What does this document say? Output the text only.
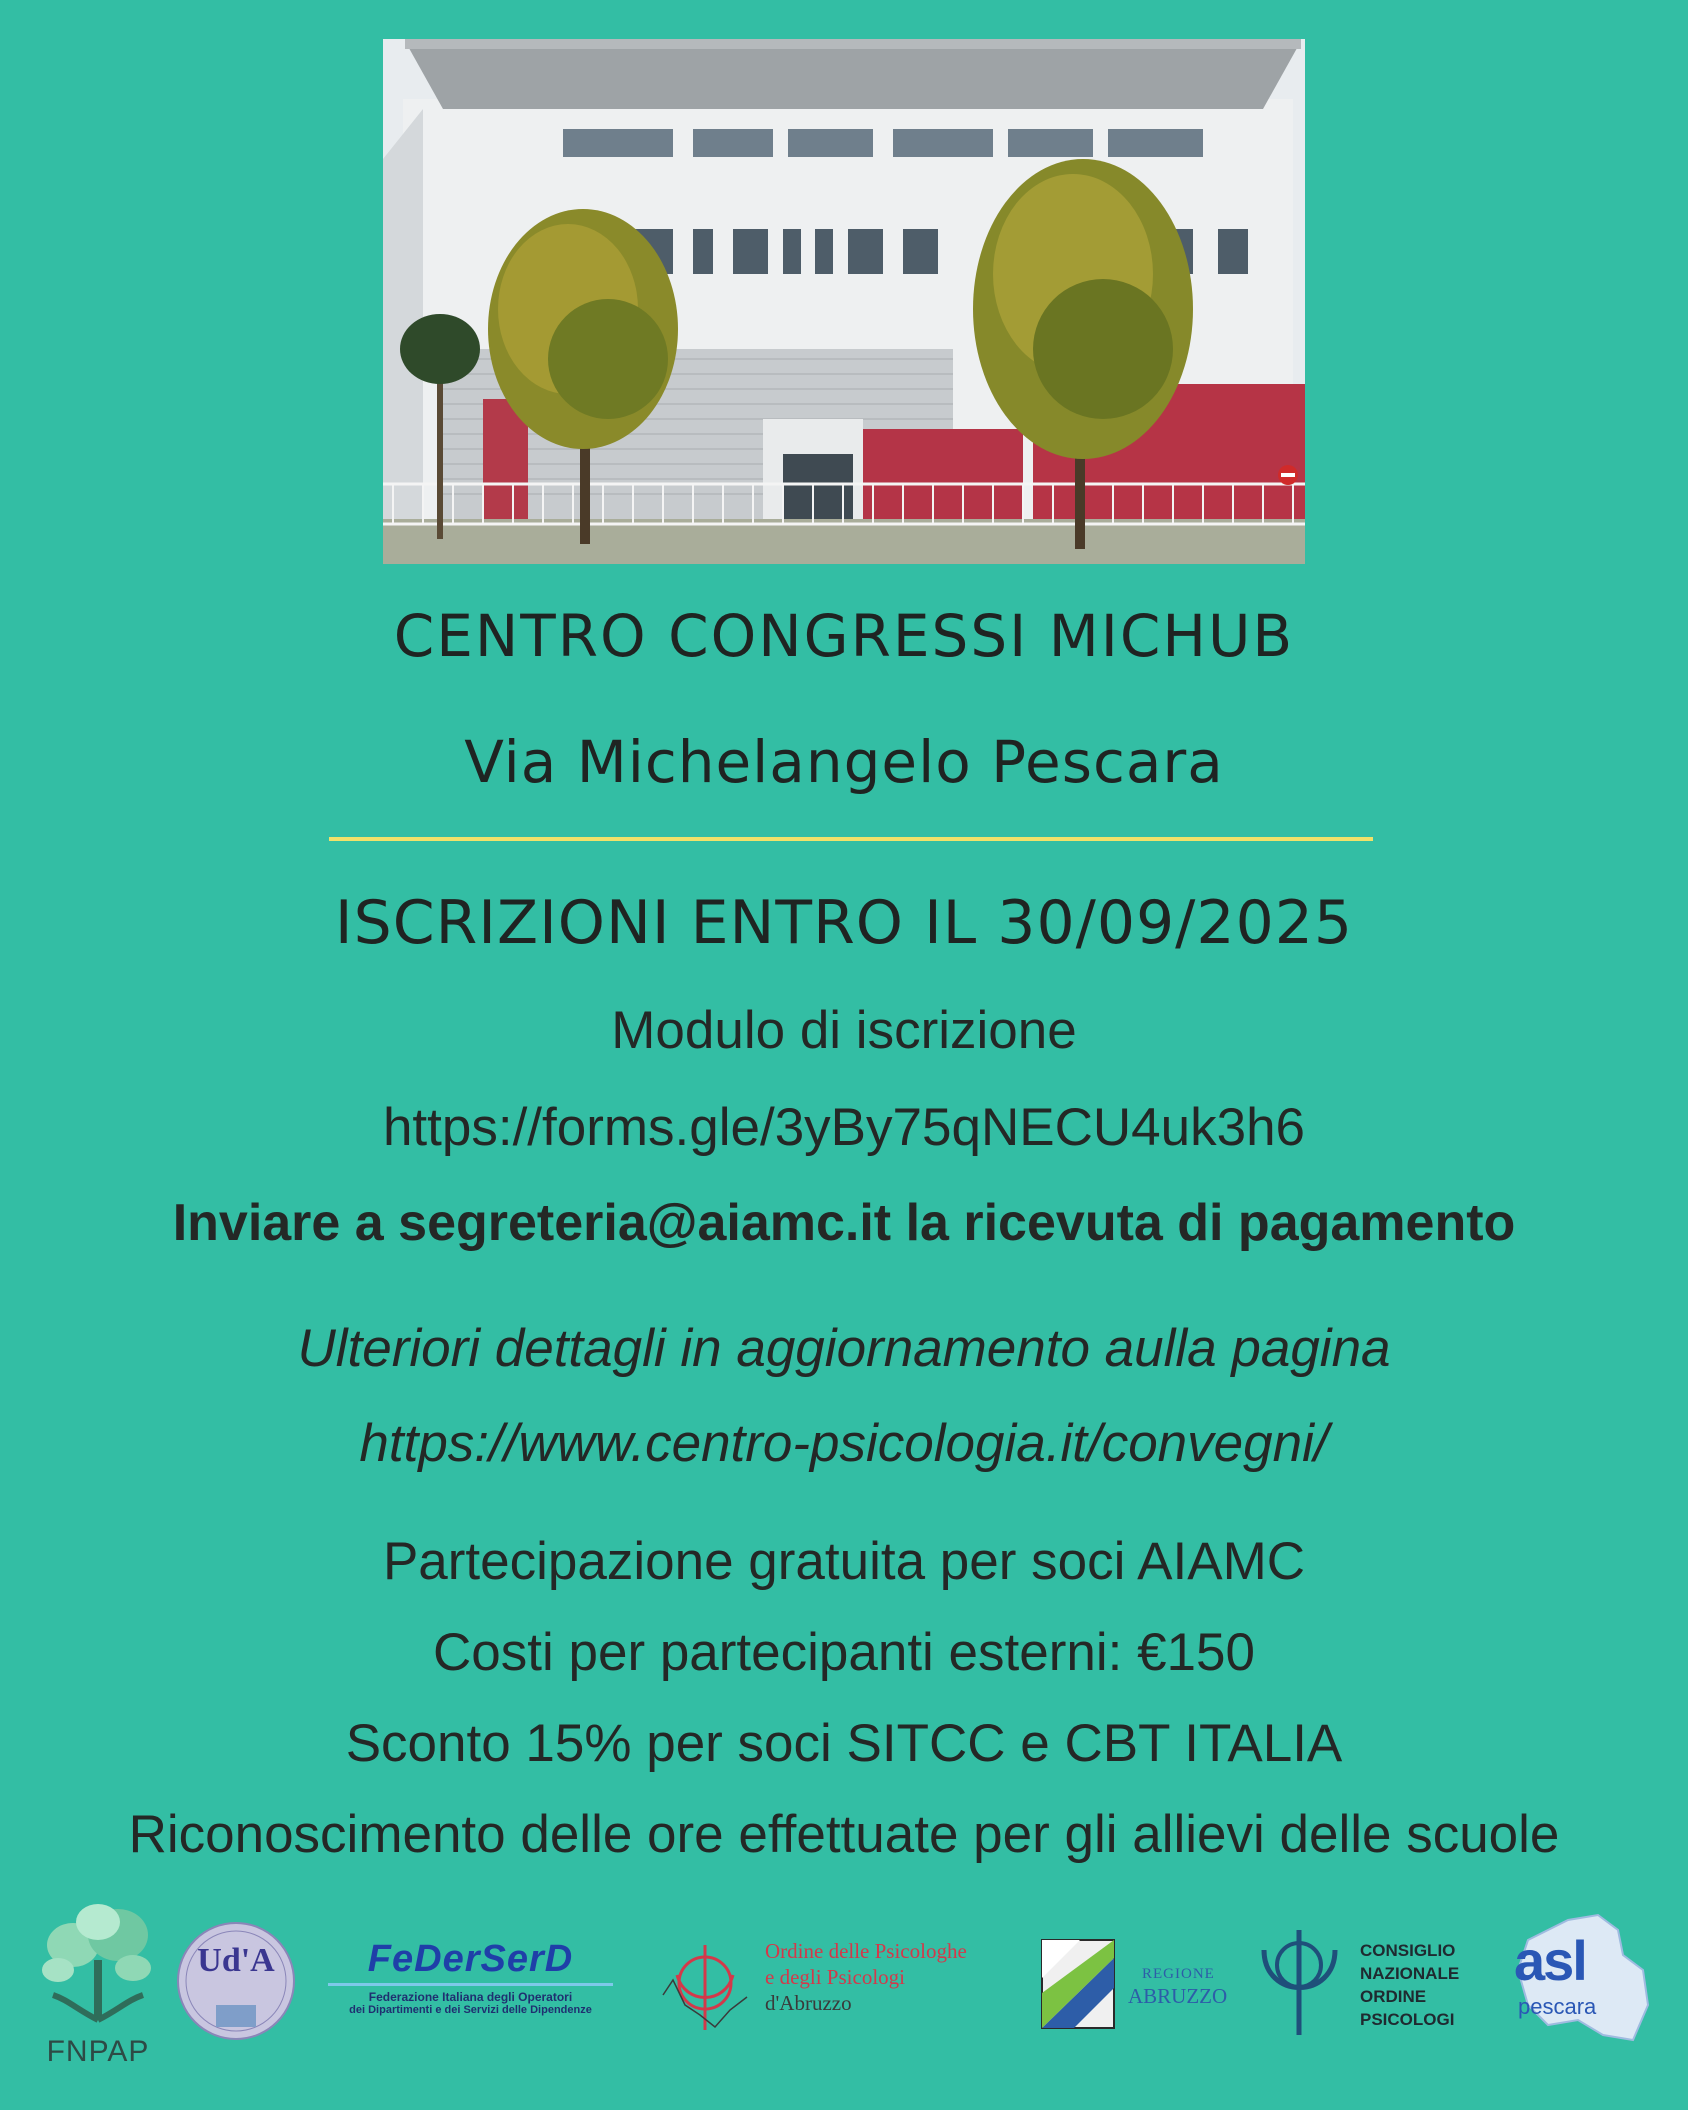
CENTRO CONGRESSI MICHUB
Via Michelangelo Pescara
ISCRIZIONI ENTRO IL 30/09/2025
Modulo di iscrizione
https://forms.gle/3yBy75qNECU4uk3h6
Inviare a segreteria@aiamc.it la ricevuta di pagamento
Ulteriori dettagli in aggiornamento aulla pagina
https://www.centro-psicologia.it/convegni/
Partecipazione gratuita per soci AIAMC
Costi per partecipanti esterni: €150
Sconto 15% per soci SITCC e CBT ITALIA
Riconoscimento delle ore effettuate per gli allievi delle scuole
FNPAP
Ud'A	FeDerSerD
Federazione Italiana degli Operatori
dei Dipartimenti e dei Servizi delle Dipendenze
Ordine delle Psicologhe
e degli Psicologi
d'Abruzzo
REGIONE
ABRUZZO
CONSIGLIO
NAZIONALE
ORDINE
PSICOLOGI
asl
pescara
